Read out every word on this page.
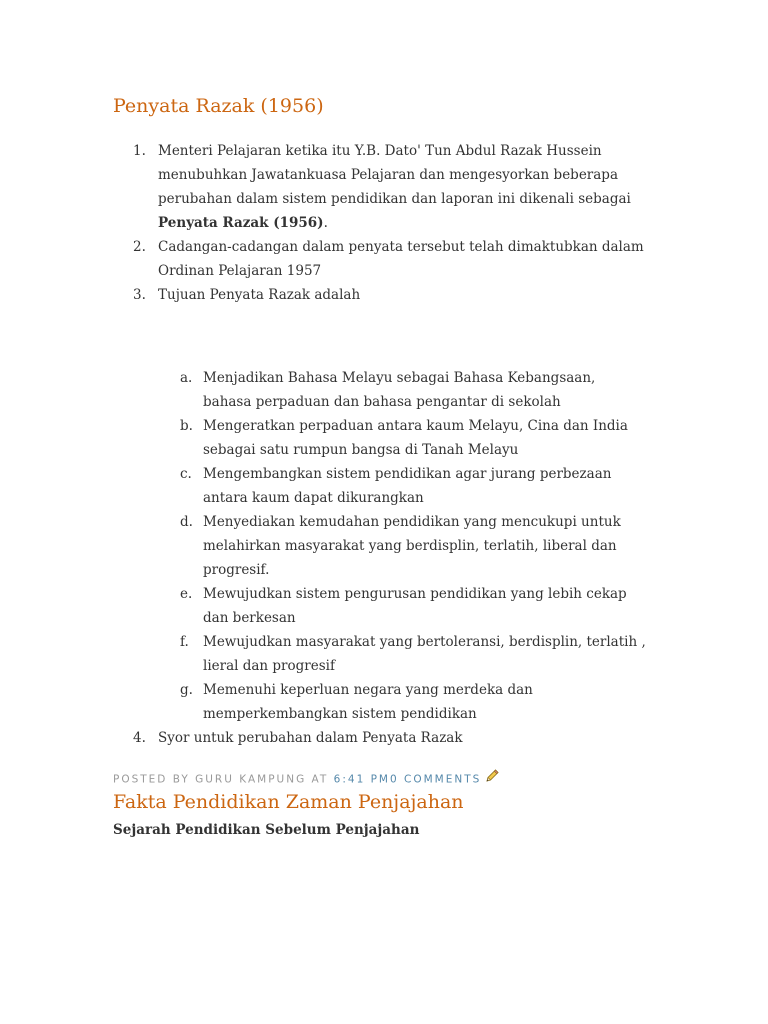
Penyata Razak (1956)
1. Menteri Pelajaran ketika itu Y.B. Dato' Tun Abdul Razak Hussein menubuhkan Jawatankuasa Pelajaran dan mengesyorkan beberapa perubahan dalam sistem pendidikan dan laporan ini dikenali sebagai Penyata Razak (1956).
2. Cadangan-cadangan dalam penyata tersebut telah dimaktubkan dalam Ordinan Pelajaran 1957
3. Tujuan Penyata Razak adalah
a. Menjadikan Bahasa Melayu sebagai Bahasa Kebangsaan, bahasa perpaduan dan bahasa pengantar di sekolah
b. Mengeratkan perpaduan antara kaum Melayu, Cina dan India sebagai satu rumpun bangsa di Tanah Melayu
c. Mengembangkan sistem pendidikan agar jurang perbezaan antara kaum dapat dikurangkan
d. Menyediakan kemudahan pendidikan yang mencukupi untuk melahirkan masyarakat yang berdisplin, terlatih, liberal dan progresif.
e. Mewujudkan sistem pengurusan pendidikan yang lebih cekap dan berkesan
f. Mewujudkan masyarakat yang bertoleransi, berdisplin, terlatih , lieral dan progresif
g. Memenuhi keperluan negara yang merdeka dan memperkembangkan sistem pendidikan
4. Syor untuk perubahan dalam Penyata Razak
POSTED BY GURU KAMPUNG AT 6:41 PM0 COMMENTS
Fakta Pendidikan Zaman Penjajahan
Sejarah Pendidikan Sebelum Penjajahan
